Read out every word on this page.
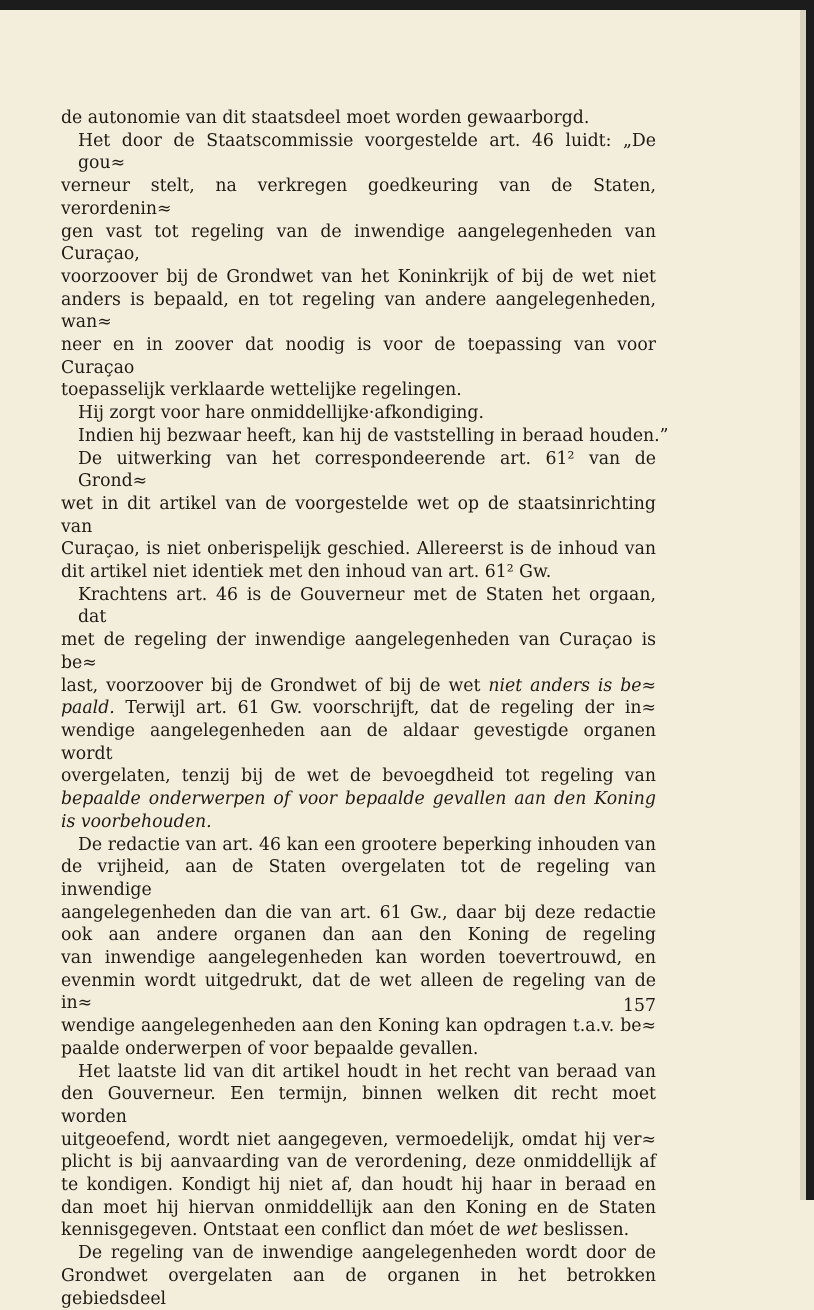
de autonomie van dit staatsdeel moet worden gewaarborgd.
Het door de Staatscommissie voorgestelde art. 46 luidt: „De gou≈
verneur stelt, na verkregen goedkeuring van de Staten, verordenin≈
gen vast tot regeling van de inwendige aangelegenheden van Curaçao,
voorzoover bij de Grondwet van het Koninkrijk of bij de wet niet
anders is bepaald, en tot regeling van andere aangelegenheden, wan≈
neer en in zoover dat noodig is voor de toepassing van voor Curaçao
toepasselijk verklaarde wettelijke regelingen.
Hij zorgt voor hare onmiddellijke·afkondiging.
Indien hij bezwaar heeft, kan hij de vaststelling in beraad houden.”
De uitwerking van het correspondeerende art. 61² van de Grond≈
wet in dit artikel van de voorgestelde wet op de staatsinrichting van
Curaçao, is niet onberispelijk geschied. Allereerst is de inhoud van
dit artikel niet identiek met den inhoud van art. 61² Gw.
Krachtens art. 46 is de Gouverneur met de Staten het orgaan, dat
met de regeling der inwendige aangelegenheden van Curaçao is be≈
last, voorzoover bij de Grondwet of bij de wet niet anders is be≈
paald. Terwijl art. 61 Gw. voorschrijft, dat de regeling der in≈
wendige aangelegenheden aan de aldaar gevestigde organen wordt
overgelaten, tenzij bij de wet de bevoegdheid tot regeling van
bepaalde onderwerpen of voor bepaalde gevallen aan den Koning
is voorbehouden.
De redactie van art. 46 kan een grootere beperking inhouden van
de vrijheid, aan de Staten overgelaten tot de regeling van inwendige
aangelegenheden dan die van art. 61 Gw., daar bij deze redactie
ook aan andere organen dan aan den Koning de regeling
van inwendige aangelegenheden kan worden toevertrouwd, en
evenmin wordt uitgedrukt, dat de wet alleen de regeling van de in≈
wendige aangelegenheden aan den Koning kan opdragen t.a.v. be≈
paalde onderwerpen of voor bepaalde gevallen.
Het laatste lid van dit artikel houdt in het recht van beraad van
den Gouverneur. Een termijn, binnen welken dit recht moet worden
uitgeoefend, wordt niet aangegeven, vermoedelijk, omdat hij ver≈
plicht is bij aanvaarding van de verordening, deze onmiddellijk af
te kondigen. Kondigt hij niet af, dan houdt hij haar in beraad en
dan moet hij hiervan onmiddellijk aan den Koning en de Staten
kennisgegeven. Ontstaat een conflict dan móet de wet beslissen.
De regeling van de inwendige aangelegenheden wordt door de
Grondwet overgelaten aan de organen in het betrokken gebiedsdeel
157
